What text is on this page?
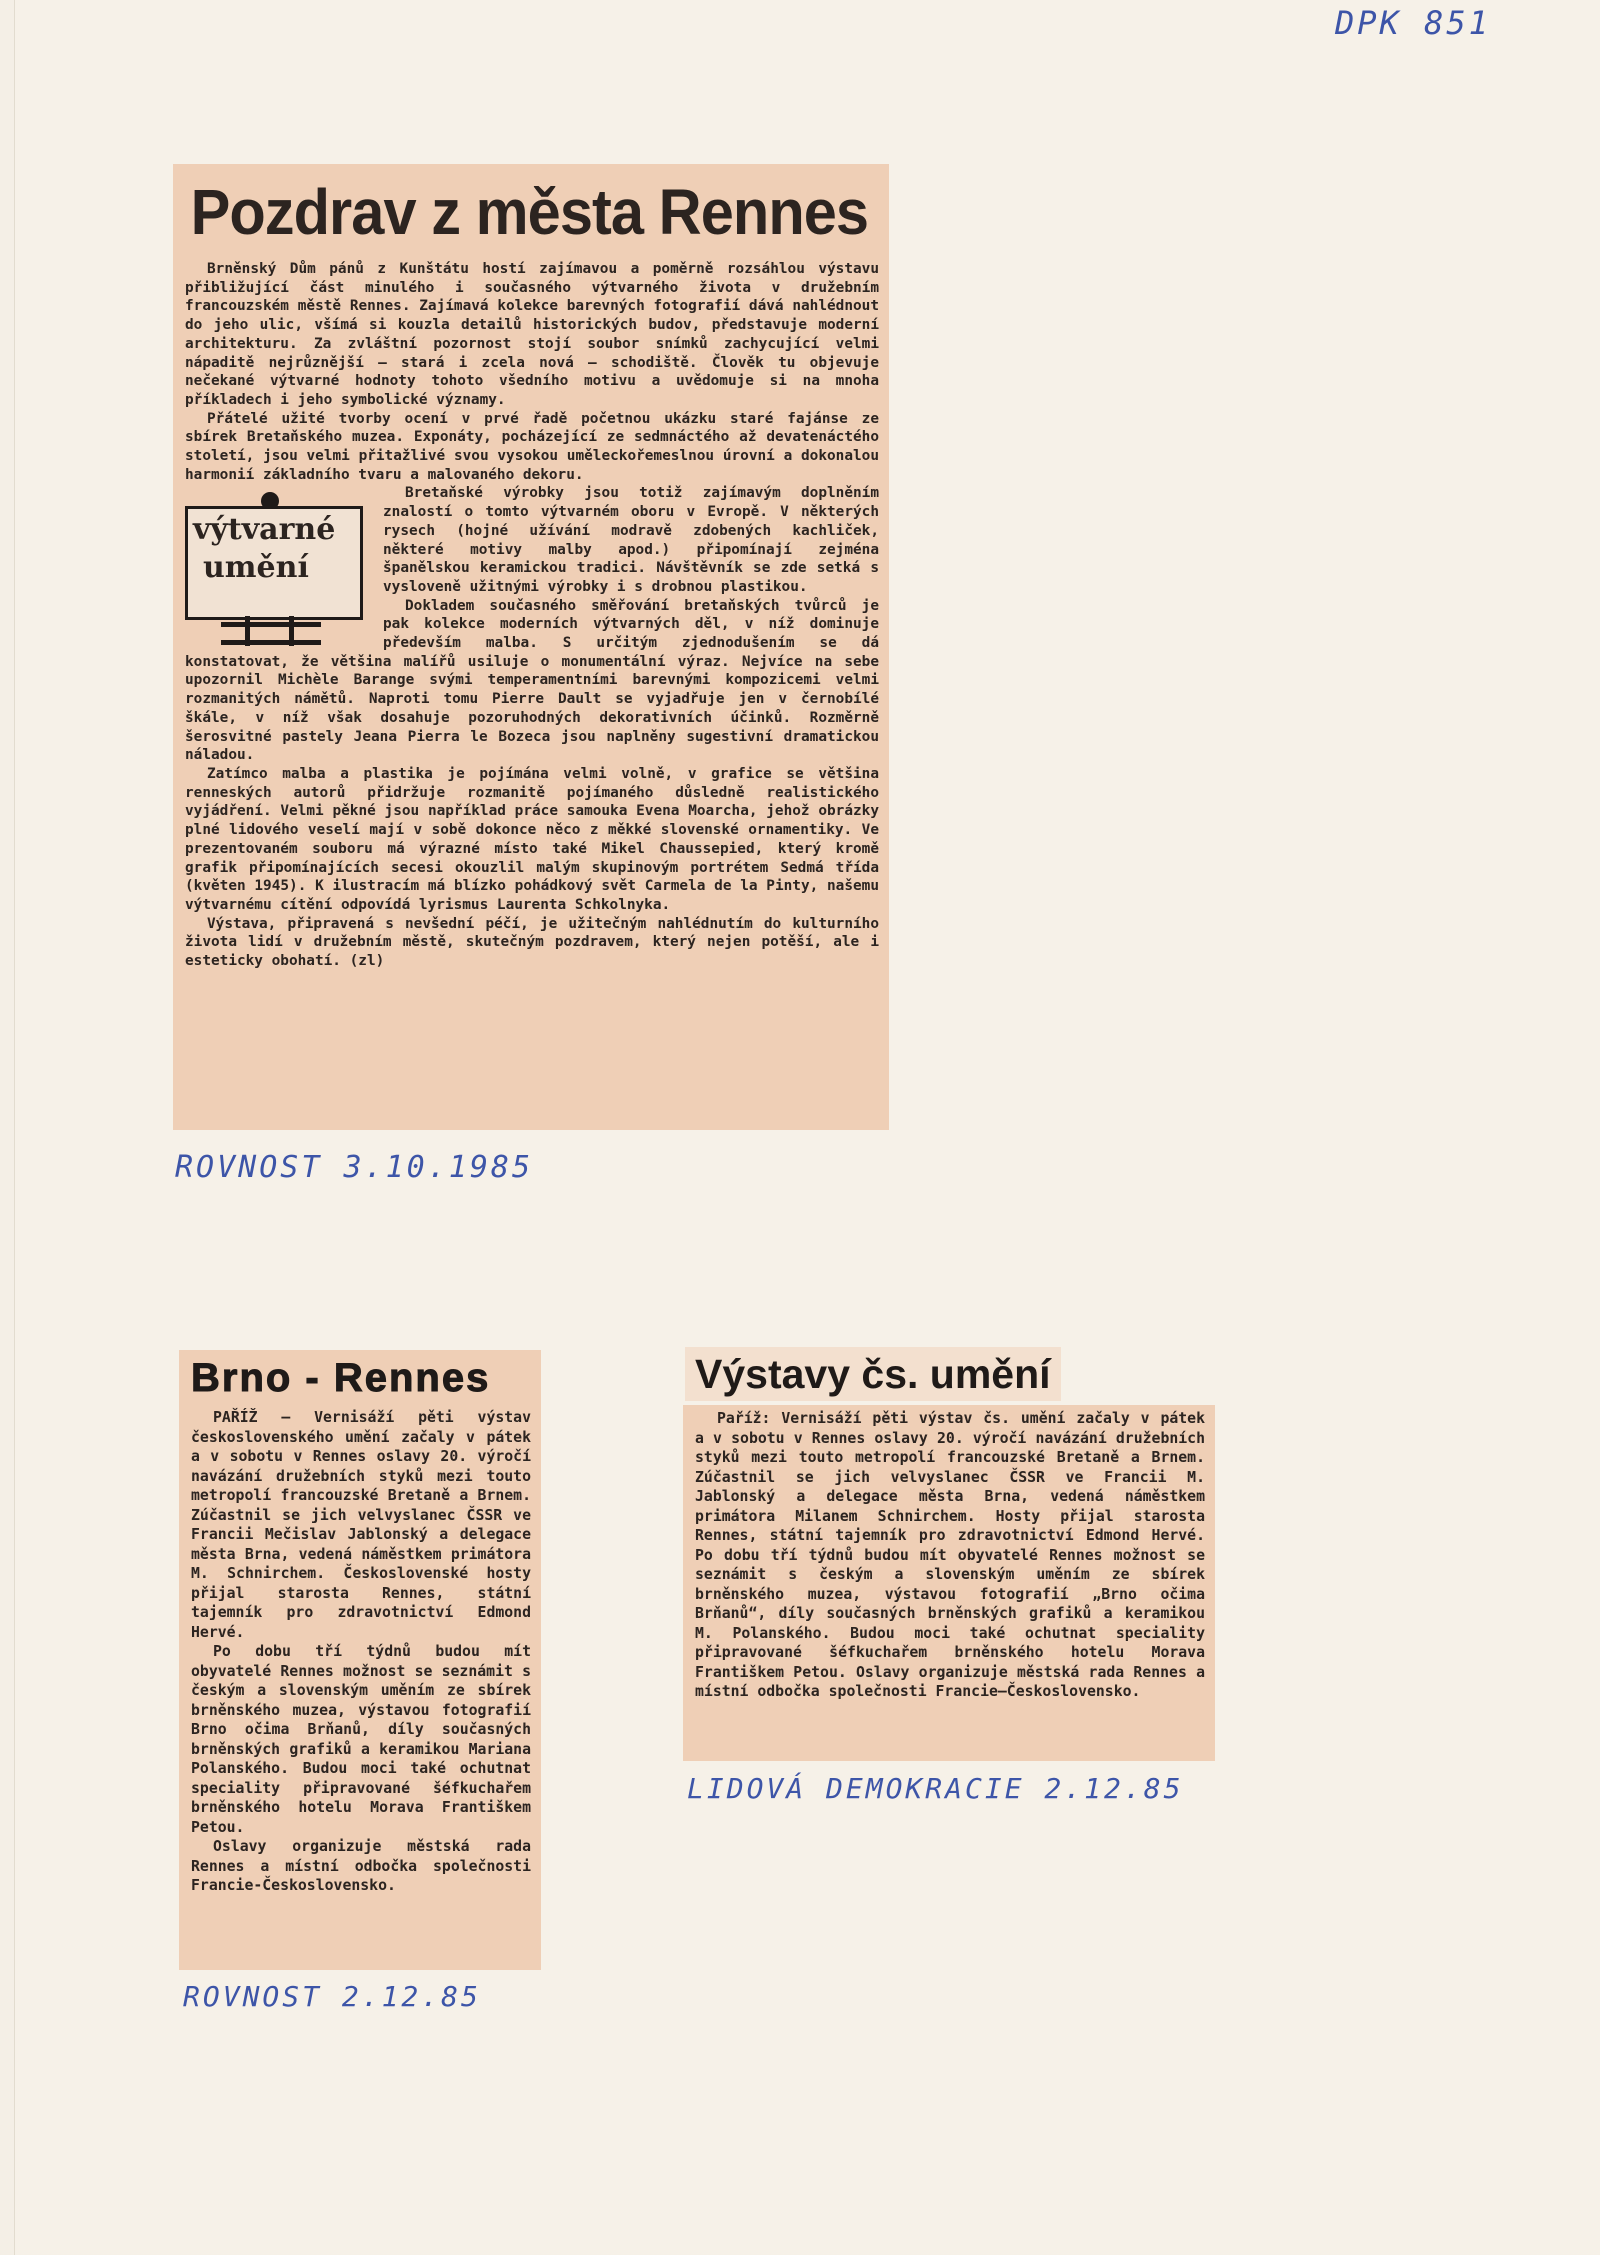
DPK 851
Pozdrav z města Rennes

Brněnský Dům pánů z Kunštátu hostí zajímavou a poměrně rozsáhlou výstavu přibližující část minulého i současného výtvarného života v družebním francouzském městě Rennes. Zajímavá kolekce barevných fotografií dává nahlédnout do jeho ulic, všímá si kouzla detailů historických budov, představuje moderní architekturu. Za zvláštní pozornost stojí soubor snímků zachycující velmi nápaditě nejrůznější — stará i zcela nová — schodiště. Člověk tu objevuje nečekané výtvarné hodnoty tohoto všedního motivu a uvědomuje si na mnoha příkladech i jeho symbolické významy.

Přátelé užité tvorby ocení v prvé řadě početnou ukázku staré fajánse ze sbírek Bretaňského muzea. Exponáty, pocházející ze sedmnáctého až devatenáctého století, jsou velmi přitažlivé svou vysokou uměleckořemeslnou úrovní a dokonalou harmonií základního tvaru a malovaného dekoru.

výtvarné
umění

Bretaňské výrobky jsou totiž zajímavým doplněním znalostí o tomto výtvarném oboru v Evropě. V některých rysech (hojné užívání modravě zdobených kachliček, některé motivy malby apod.) připomínají zejména španělskou keramickou tradici. Návštěvník se zde setká s vysloveně užitnými výrobky i s drobnou plastikou.

Dokladem současného směřování bretaňských tvůrců je pak kolekce moderních výtvarných děl, v níž dominuje především malba. S určitým zjednodušením se dá konstatovat, že většina malířů usiluje o monumentální výraz. Nejvíce na sebe upozornil Michèle Barange svými temperamentními barevnými kompozicemi velmi rozmanitých námětů. Naproti tomu Pierre Dault se vyjadřuje jen v černobílé škále, v níž však dosahuje pozoruhodných dekorativních účinků. Rozměrně šerosvitné pastely Jeana Pierra le Bozeca jsou naplněny sugestivní dramatickou náladou.

Zatímco malba a plastika je pojímána velmi volně, v grafice se většina renneských autorů přidržuje rozmanitě pojímaného důsledně realistického vyjádření. Velmi pěkné jsou například práce samouka Evena Moarcha, jehož obrázky plné lidového veselí mají v sobě dokonce něco z měkké slovenské ornamentiky. Ve prezentovaném souboru má výrazné místo také Mikel Chaussepied, který kromě grafik připomínajících secesi okouzlil malým skupinovým portrétem Sedmá třída (květen 1945). K ilustracím má blízko pohádkový svět Carmela de la Pinty, našemu výtvarnému cítění odpovídá lyrismus Laurenta Schkolnyka.

Výstava, připravená s nevšední péčí, je užitečným nahlédnutím do kulturního života lidí v družebním městě, skutečným pozdravem, který nejen potěší, ale i esteticky obohatí. (zl)

ROVNOST 3.10.1985
Brno - Rennes

PAŘÍŽ — Vernisáží pěti výstav československého umění začaly v pátek a v sobotu v Rennes oslavy 20. výročí navázání družebních styků mezi touto metropolí francouzské Bretaně a Brnem. Zúčastnil se jich velvyslanec ČSSR ve Francii Mečislav Jablonský a delegace města Brna, vedená náměstkem primátora M. Schnirchem. Československé hosty přijal starosta Rennes, státní tajemník pro zdravotnictví Edmond Hervé.

Po dobu tří týdnů budou mít obyvatelé Rennes možnost se seznámit s českým a slovenským uměním ze sbírek brněnského muzea, výstavou fotografií Brno očima Brňanů, díly současných brněnských grafiků a keramikou Mariana Polanského. Budou moci také ochutnat speciality připravované šéfkuchařem brněnského hotelu Morava Františkem Petou.

Oslavy organizuje městská rada Rennes a místní odbočka společnosti Francie-Československo.

ROVNOST 2.12.85
Výstavy čs. umění

Paříž: Vernisáží pěti výstav čs. umění začaly v pátek a v sobotu v Rennes oslavy 20. výročí navázání družebních styků mezi touto metropolí francouzské Bretaně a Brnem. Zúčastnil se jich velvyslanec ČSSR ve Francii M. Jablonský a delegace města Brna, vedená náměstkem primátora Milanem Schnirchem. Hosty přijal starosta Rennes, státní tajemník pro zdravotnictví Edmond Hervé. Po dobu tří týdnů budou mít obyvatelé Rennes možnost se seznámit s českým a slovenským uměním ze sbírek brněnského muzea, výstavou fotografií „Brno očima Brňanů“, díly současných brněnských grafiků a keramikou M. Polanského. Budou moci také ochutnat speciality připravované šéfkuchařem brněnského hotelu Morava Františkem Petou. Oslavy organizuje městská rada Rennes a místní odbočka společnosti Francie—Československo.

LIDOVÁ DEMOKRACIE 2.12.85
